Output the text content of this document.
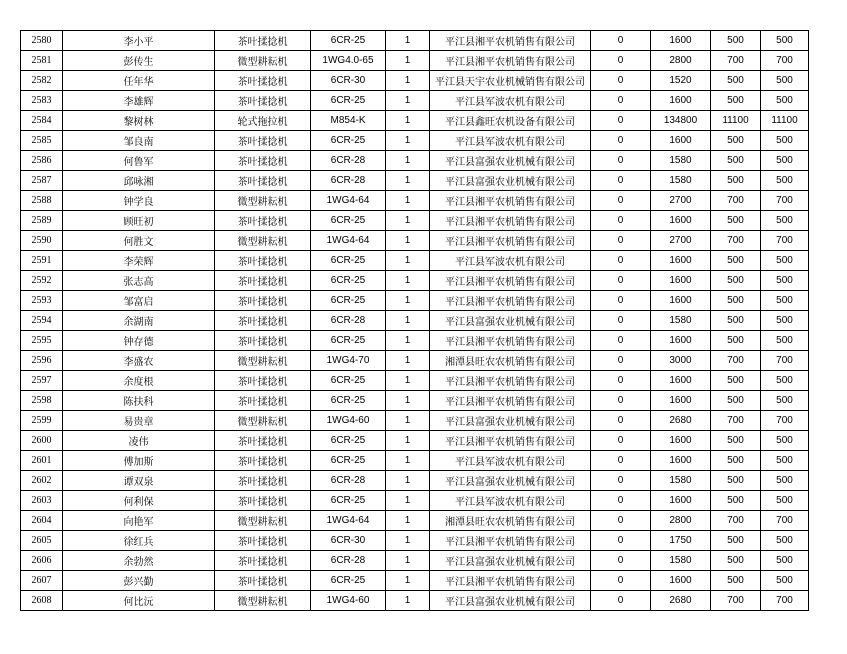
2580	李小平	茶叶揉捻机	6CR-25	1	平江县湘平农机销售有限公司	0	1600	500	500
2581	彭传生	微型耕耘机	1WG4.0-65	1	平江县湘平农机销售有限公司	0	2800	700	700
2582	任年华	茶叶揉捻机	6CR-30	1	平江县天宇农业机械销售有限公司	0	1520	500	500
2583	李雄辉	茶叶揉捻机	6CR-25	1	平江县军波农机有限公司	0	1600	500	500
2584	黎树林	轮式拖拉机	M854-K	1	平江县鑫旺农机设备有限公司	0	134800	11100	11100
2585	邹良南	茶叶揉捻机	6CR-25	1	平江县军波农机有限公司	0	1600	500	500
2586	何鲁军	茶叶揉捻机	6CR-28	1	平江县富强农业机械有限公司	0	1580	500	500
2587	邱咏湘	茶叶揉捻机	6CR-28	1	平江县富强农业机械有限公司	0	1580	500	500
2588	钟学良	微型耕耘机	1WG4-64	1	平江县湘平农机销售有限公司	0	2700	700	700
2589	顾旺初	茶叶揉捻机	6CR-25	1	平江县湘平农机销售有限公司	0	1600	500	500
2590	何胜文	微型耕耘机	1WG4-64	1	平江县湘平农机销售有限公司	0	2700	700	700
2591	李荣辉	茶叶揉捻机	6CR-25	1	平江县军波农机有限公司	0	1600	500	500
2592	张志高	茶叶揉捻机	6CR-25	1	平江县湘平农机销售有限公司	0	1600	500	500
2593	邹富启	茶叶揉捻机	6CR-25	1	平江县湘平农机销售有限公司	0	1600	500	500
2594	余湖南	茶叶揉捻机	6CR-28	1	平江县富强农业机械有限公司	0	1580	500	500
2595	钟存德	茶叶揉捻机	6CR-25	1	平江县湘平农机销售有限公司	0	1600	500	500
2596	李盛农	微型耕耘机	1WG4-70	1	湘潭县旺农农机销售有限公司	0	3000	700	700
2597	余度根	茶叶揉捻机	6CR-25	1	平江县湘平农机销售有限公司	0	1600	500	500
2598	陈扶科	茶叶揉捻机	6CR-25	1	平江县湘平农机销售有限公司	0	1600	500	500
2599	易贵章	微型耕耘机	1WG4-60	1	平江县富强农业机械有限公司	0	2680	700	700
2600	凌伟	茶叶揉捻机	6CR-25	1	平江县湘平农机销售有限公司	0	1600	500	500
2601	傅加斯	茶叶揉捻机	6CR-25	1	平江县军波农机有限公司	0	1600	500	500
2602	谭双泉	茶叶揉捻机	6CR-28	1	平江县富强农业机械有限公司	0	1580	500	500
2603	何利保	茶叶揉捻机	6CR-25	1	平江县军波农机有限公司	0	1600	500	500
2604	向艳军	微型耕耘机	1WG4-64	1	湘潭县旺农农机销售有限公司	0	2800	700	700
2605	徐红兵	茶叶揉捻机	6CR-30	1	平江县湘平农机销售有限公司	0	1750	500	500
2606	余勃然	茶叶揉捻机	6CR-28	1	平江县富强农业机械有限公司	0	1580	500	500
2607	彭兴勤	茶叶揉捻机	6CR-25	1	平江县湘平农机销售有限公司	0	1600	500	500
2608	何比沅	微型耕耘机	1WG4-60	1	平江县富强农业机械有限公司	0	2680	700	700
